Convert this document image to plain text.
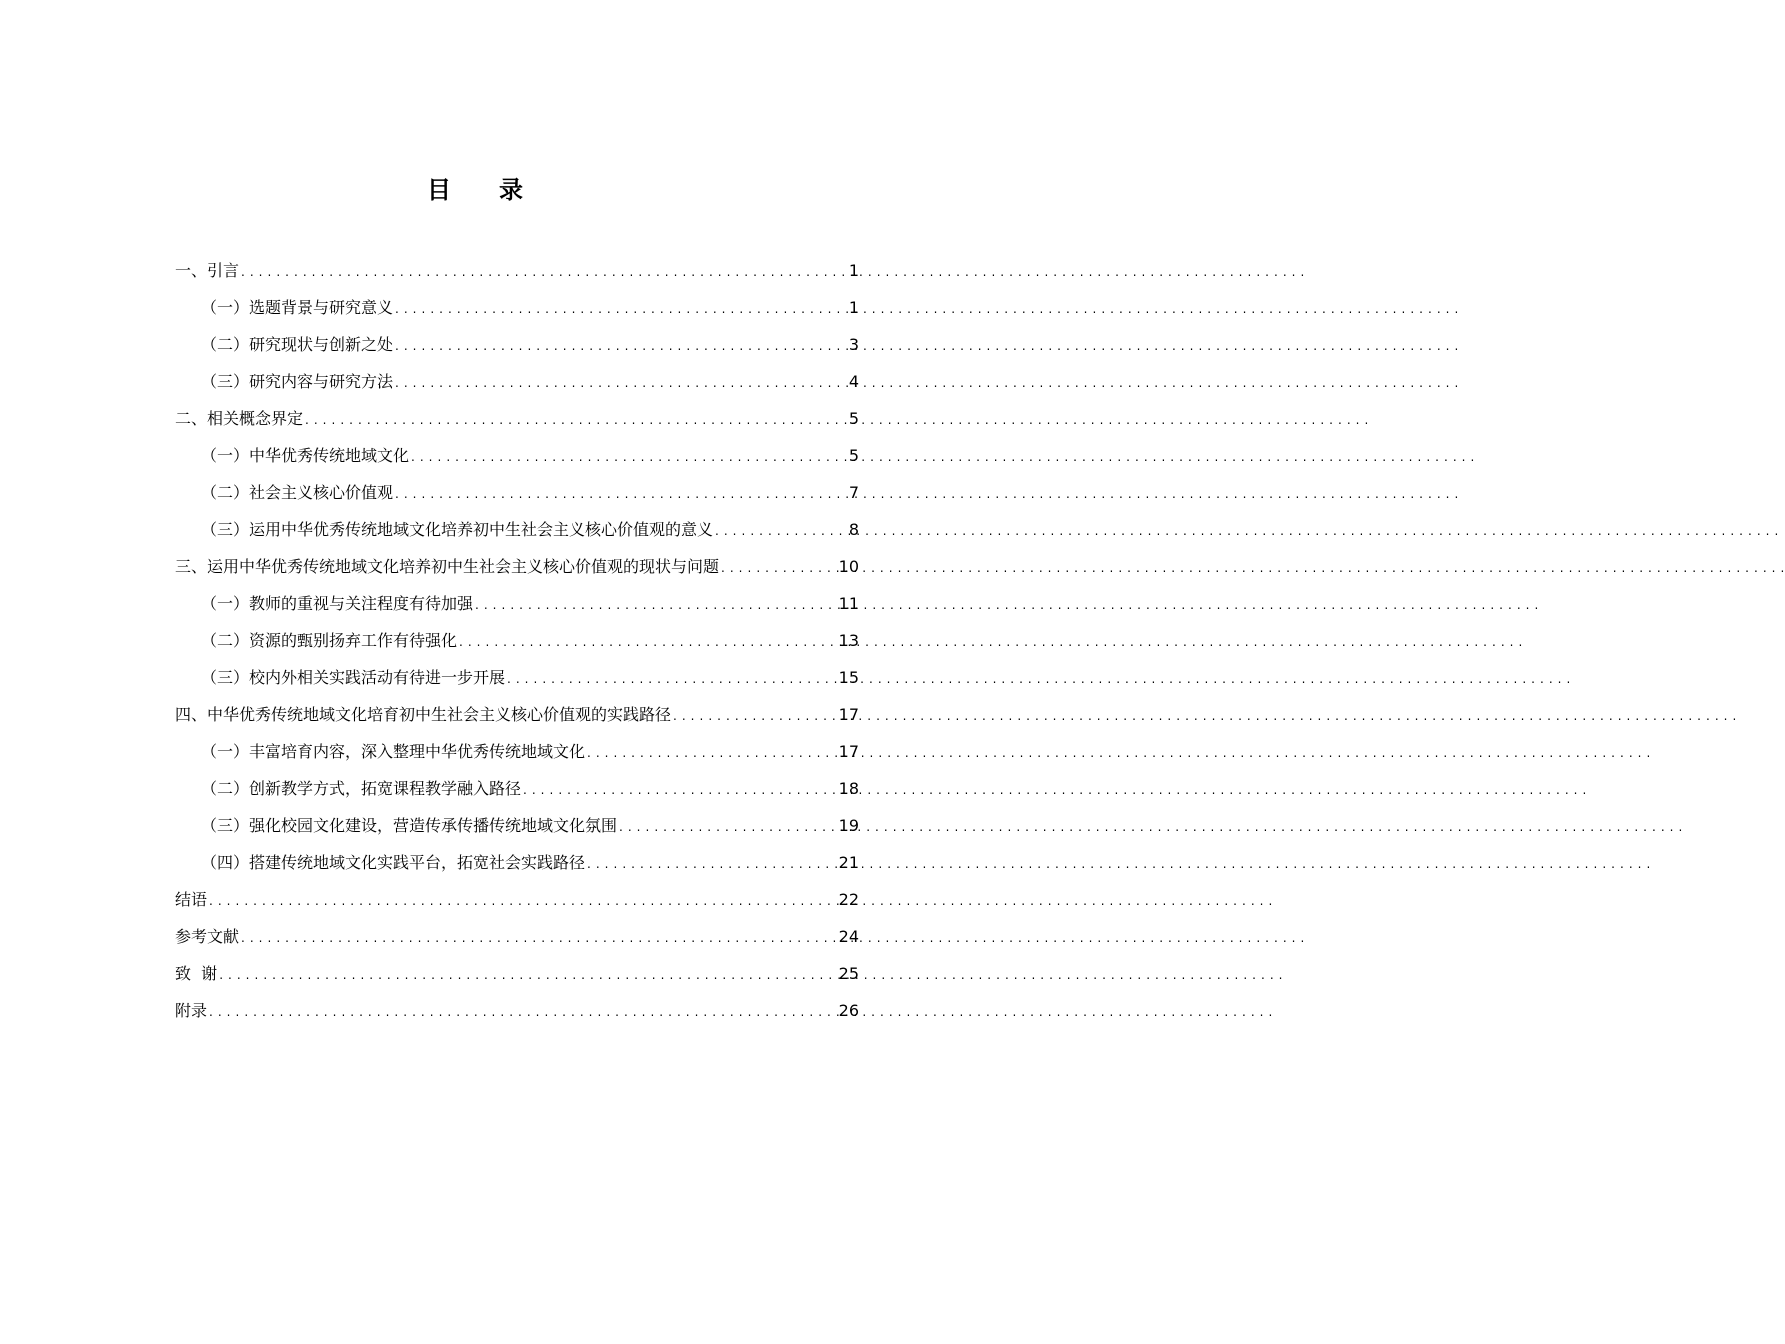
目 录
一、引言 . . .	1
（一）选题背景与研究意义 . . .	1
（二）研究现状与创新之处 . . .	3
（三）研究内容与研究方法 . . .	4
二、相关概念界定 . . .	5
（一）中华优秀传统地域文化 . . .	5
（二）社会主义核心价值观 . . .	7
（三）运用中华优秀传统地域文化培养初中生社会主义核心价值观的意义 . . .	8
三、运用中华优秀传统地域文化培养初中生社会主义核心价值观的现状与问题 . . .	10
（一）教师的重视与关注程度有待加强 . . .	11
（二）资源的甄别扬弃工作有待强化 . . .	13
（三）校内外相关实践活动有待进一步开展 . . .	15
四、中华优秀传统地域文化培育初中生社会主义核心价值观的实践路径 . . .	17
（一）丰富培育内容，深入整理中华优秀传统地域文化 . . .	17
（二）创新教学方式，拓宽课程教学融入路径 . . .	18
（三）强化校园文化建设，营造传承传播传统地域文化氛围 . . .	19
（四）搭建传统地域文化实践平台，拓宽社会实践路径 . . .	21
结语 . . .	22
参考文献 . . .	24
致  谢 . . .	25
附录 . . .	26
